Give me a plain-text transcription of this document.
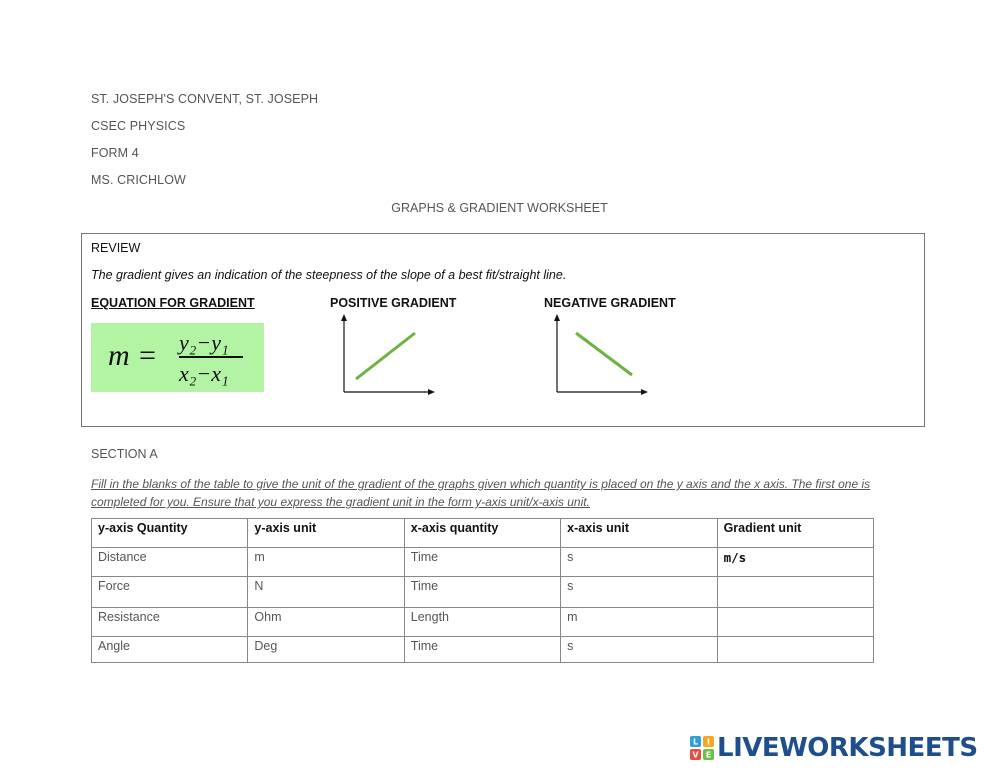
ST. JOSEPH'S CONVENT, ST. JOSEPH
CSEC PHYSICS
FORM 4
MS. CRICHLOW
GRAPHS & GRADIENT WORKSHEET
REVIEW
The gradient gives an indication of the steepness of the slope of a best fit/straight line.
EQUATION FOR GRADIENT	POSITIVE GRADIENT	NEGATIVE GRADIENT
m = y₂−y₁
x₂−x₁
SECTION A
Fill in the blanks of the table to give the unit of the gradient of the graphs given which quantity is placed on the y axis and the x axis. The first one is completed for you. Ensure that you express the gradient unit in the form y-axis unit/x-axis unit.
y-axis Quantity	y-axis unit	x-axis quantity	x-axis unit	Gradient unit
Distance	m	Time	s	m/s
Force	N	Time	s	
Resistance	Ohm	Length	m	
Angle	Deg	Time	s	
L I
V E LIVEWORKSHEETS
